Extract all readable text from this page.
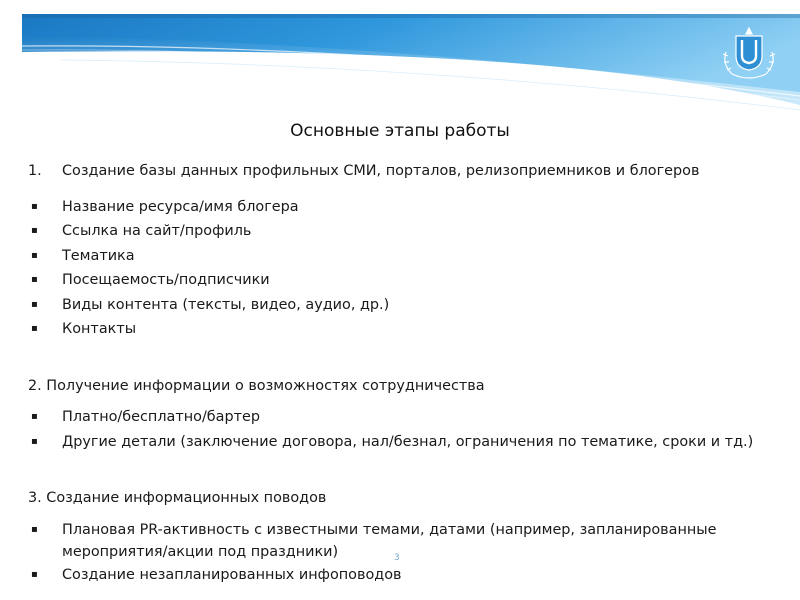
Основные этапы работы
1.	Создание базы данных профильных СМИ, порталов, релизоприемников и блогеров
▪	Название ресурса/имя блогера
▪	Ссылка на сайт/профиль
▪	Тематика
▪	Посещаемость/подписчики
▪	Виды контента (тексты, видео, аудио, др.)
▪	Контакты
2. Получение информации о возможностях сотрудничества
▪	Платно/бесплатно/бартер
▪	Другие детали (заключение договора, нал/безнал, ограничения по тематике, сроки и тд.)
3. Создание информационных поводов
▪	Плановая PR-активность с известными темами, датами (например, запланированные мероприятия/акции под праздники)
▪	Создание незапланированных инфоповодов
3
